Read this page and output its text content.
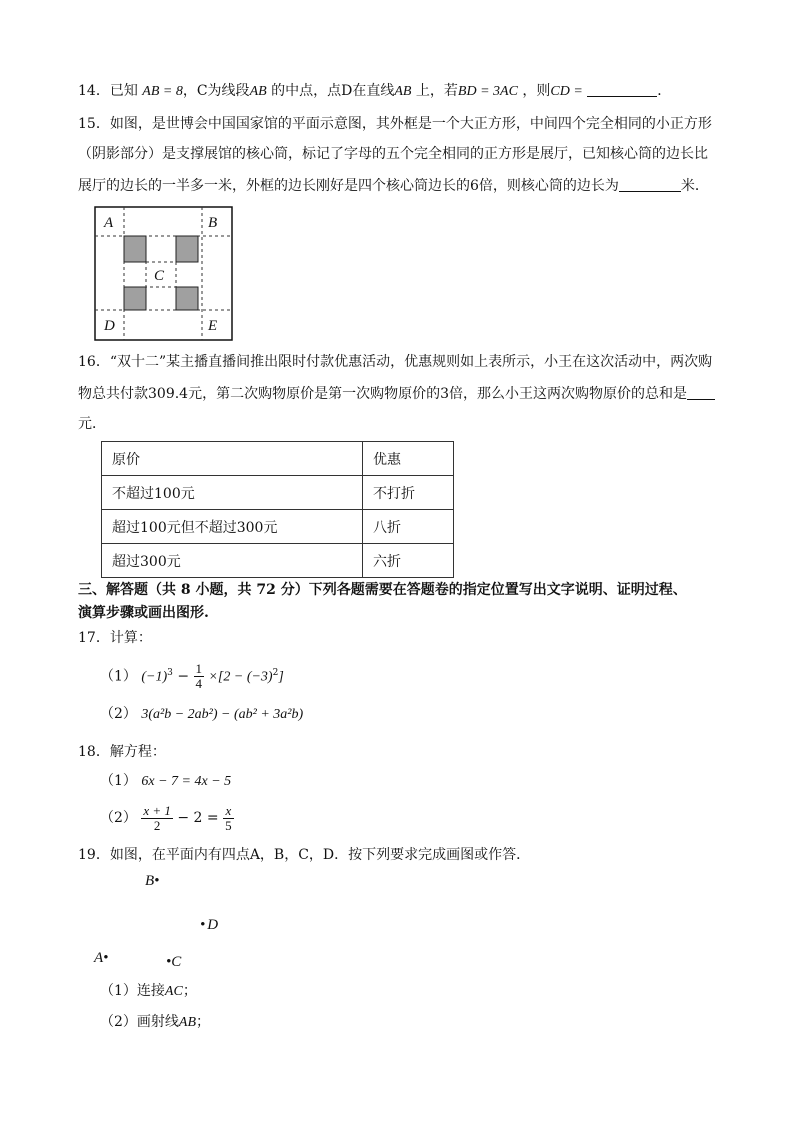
14．已知 AB = 8，C为线段AB 的中点，点D在直线AB 上，若BD = 3AC ，则CD =	．
15．如图，是世博会中国国家馆的平面示意图，其外框是一个大正方形，中间四个完全相同的小正方形
（阴影部分）是支撑展馆的核心筒，标记了字母的五个完全相同的正方形是展厅，已知核心筒的边长比
展厅的边长的一半多一米，外框的边长刚好是四个核心筒边长的6倍，则核心筒的边长为	米．
A	B
C
D	E
16．“双十二”某主播直播间推出限时付款优惠活动，优惠规则如上表所示，小王在这次活动中，两次购
物总共付款309.4元，第二次购物原价是第一次购物原价的3倍，那么小王这两次购物原价的总和是
元．
原价	优惠
不超过100元	不打折
超过100元但不超过300元	八折
超过300元	六折
三、解答题（共 8 小题，共 72 分）下列各题需要在答题卷的指定位置写出文字说明、证明过程、
演算步骤或画出图形.
17．计算：
（1） $(-1)^3 - \frac{1}{4} \times[2 - (-3)^2]$
（2） 3(a²b − 2ab²) − (ab² + 3a²b)
18．解方程：
（1） 6x − 7 = 4x − 5
$(2) \frac{x + 1}{2} - 2 = \frac{x}{5}$
19．如图，在平面内有四点A，B，C，D．按下列要求完成画图或作答．
B•
• D
A•	•C
（1）连接AC；
（2）画射线AB；
